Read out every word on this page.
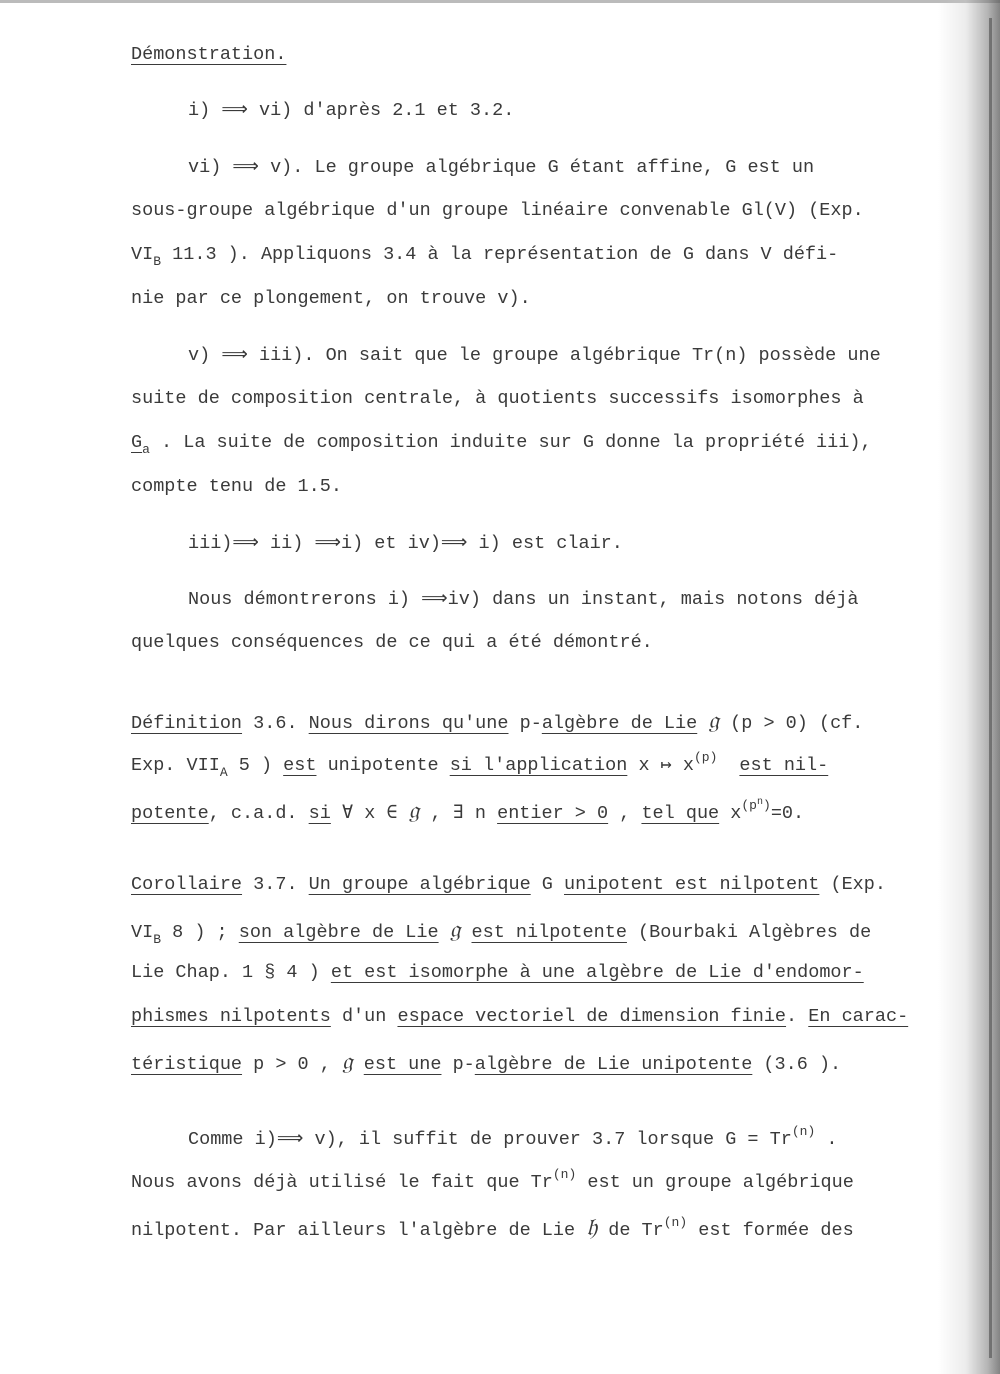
Démonstration.
i) ⟹ vi) d'après 2.1 et 3.2.
vi) ⟹ v). Le groupe algébrique G étant affine, G est un
sous-groupe algébrique d'un groupe linéaire convenable Gl(V) (Exp.
$VI_B$ 11.3 ). Appliquons 3.4 à la représentation de G dans V défi-
nie par ce plongement, on trouve v).
v) ⟹ iii). On sait que le groupe algébrique Tr(n) possède une
suite de composition centrale, à quotients successifs isomorphes à
$G_a$ . La suite de composition induite sur G donne la propriété iii),
compte tenu de 1.5.
iii)⟹ ii) ⟹i) et iv)⟹ i) est clair.
Nous démontrerons i) ⟹iv) dans un instant, mais notons déjà
quelques conséquences de ce qui a été démontré.
Définition 3.6. Nous dirons qu'une p-algèbre de Lie 𝔤 (p > 0) (cf.
Exp. $VII_A$ 5 ) est unipotente si l'application x ↦ $x^{(p)}$ est nil-
potente, c.a.d. si ∀ x ∈ 𝔤 , ∃ n entier > 0 , tel que $x^{(p^n)}=0$.
Corollaire 3.7. Un groupe algébrique G unipotent est nilpotent (Exp.
$VI_B$ 8 ) ; son algèbre de Lie 𝔤 est nilpotente (Bourbaki Algèbres de
Lie Chap. 1 § 4 ) et est isomorphe à une algèbre de Lie d'endomor-
phismes nilpotents d'un espace vectoriel de dimension finie. En carac-
téristique p > 0 , 𝔤 est une p-algèbre de Lie unipotente (3.6 ).
Comme i)⟹ v), il suffit de prouver 3.7 lorsque $G = Tr^{(n)}$ .
Nous avons déjà utilisé le fait que Tr$^{(n)}$ est un groupe algébrique
nilpotent. Par ailleurs l'algèbre de Lie 𝔥 de Tr$^{(n)}$ est formée des
